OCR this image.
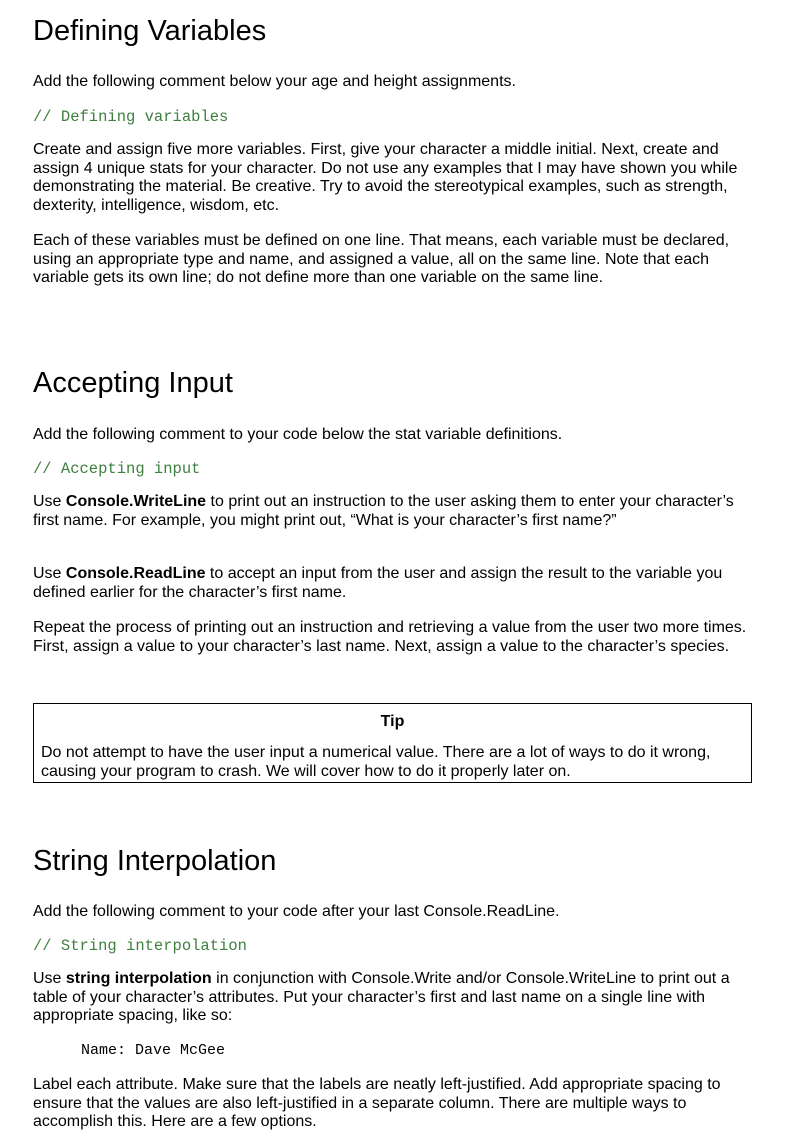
Defining Variables

Add the following comment below your age and height assignments.

// Defining variables

Create and assign five more variables. First, give your character a middle initial. Next, create and assign 4 unique stats for your character. Do not use any examples that I may have shown you while demonstrating the material. Be creative. Try to avoid the stereotypical examples, such as strength, dexterity, intelligence, wisdom, etc.

Each of these variables must be defined on one line. That means, each variable must be declared, using an appropriate type and name, and assigned a value, all on the same line. Note that each variable gets its own line; do not define more than one variable on the same line.

Accepting Input

Add the following comment to your code below the stat variable definitions.

// Accepting input

Use Console.WriteLine to print out an instruction to the user asking them to enter your character’s first name. For example, you might print out, “What is your character’s first name?”

Use Console.ReadLine to accept an input from the user and assign the result to the variable you defined earlier for the character’s first name.

Repeat the process of printing out an instruction and retrieving a value from the user two more times. First, assign a value to your character’s last name. Next, assign a value to the character’s species.

Tip
Do not attempt to have the user input a numerical value. There are a lot of ways to do it wrong, causing your program to crash. We will cover how to do it properly later on.
String Interpolation

Add the following comment to your code after your last Console.ReadLine.

// String interpolation

Use string interpolation in conjunction with Console.Write and/or Console.WriteLine to print out a table of your character’s attributes. Put your character’s first and last name on a single line with appropriate spacing, like so:

Name: Dave McGee

Label each attribute. Make sure that the labels are neatly left-justified. Add appropriate spacing to ensure that the values are also left-justified in a separate column. There are multiple ways to accomplish this. Here are a few options.
